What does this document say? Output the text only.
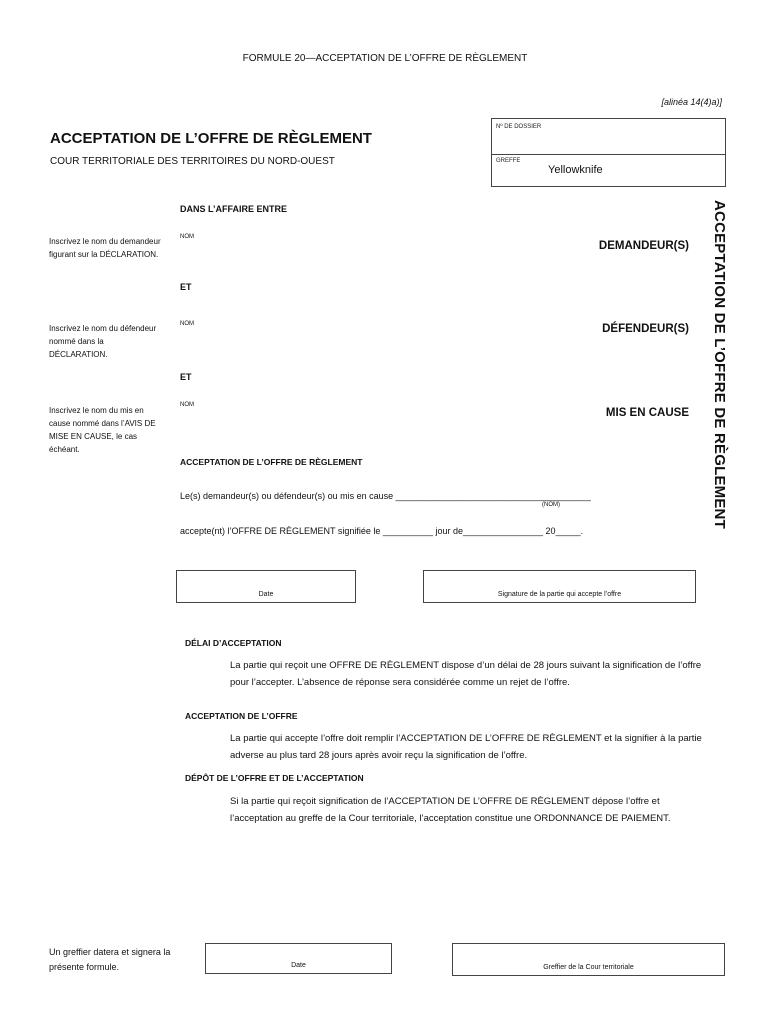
FORMULE 20—ACCEPTATION DE L’OFFRE DE RÈGLEMENT
[alinéa 14(4)a)]
ACCEPTATION DE L’OFFRE DE RÈGLEMENT
COUR TERRITORIALE DES TERRITOIRES DU NORD-OUEST
Nº DE DOSSIER
GREFFE
Yellowknife
ACCEPTATION DE L’OFFRE DE RÈGLEMENT
DANS L’AFFAIRE ENTRE
Inscrivez le nom du demandeur figurant sur la DÉCLARATION.
NOM
DEMANDEUR(S)
ET
Inscrivez le nom du défendeur nommé dans la DÉCLARATION.
NOM	DÉFENDEUR(S)
ET
Inscrivez le nom du mis en cause nommé dans l’AVIS DE MISE EN CAUSE, le cas échéant.
NOM
MIS EN CAUSE
ACCEPTATION DE L’OFFRE DE RÈGLEMENT
Le(s) demandeur(s) ou défendeur(s) ou mis en cause _______________________________________
(NOM)
accepte(nt) l’OFFRE DE RÈGLEMENT signifiée le __________ jour de________________ 20_____.
Date	Signature de la partie qui accepte l’offre
DÉLAI D’ACCEPTATION
La partie qui reçoit une OFFRE DE RÈGLEMENT dispose d’un délai de 28 jours suivant la signification de l’offre pour l’accepter. L’absence de réponse sera considérée comme un rejet de l’offre.
ACCEPTATION DE L’OFFRE
La partie qui accepte l’offre doit remplir l’ACCEPTATION DE L’OFFRE DE RÈGLEMENT et la signifier à la partie adverse au plus tard 28 jours après avoir reçu la signification de l’offre.
DÉPÔT DE L’OFFRE ET DE L’ACCEPTATION
Si la partie qui reçoit signification de l’ACCEPTATION DE L’OFFRE DE RÈGLEMENT dépose l’offre et l’acceptation au greffe de la Cour territoriale, l’acceptation constitue une ORDONNANCE DE PAIEMENT.
Un greffier datera et signera la présente formule.	Date	Greffier de la Cour territoriale
